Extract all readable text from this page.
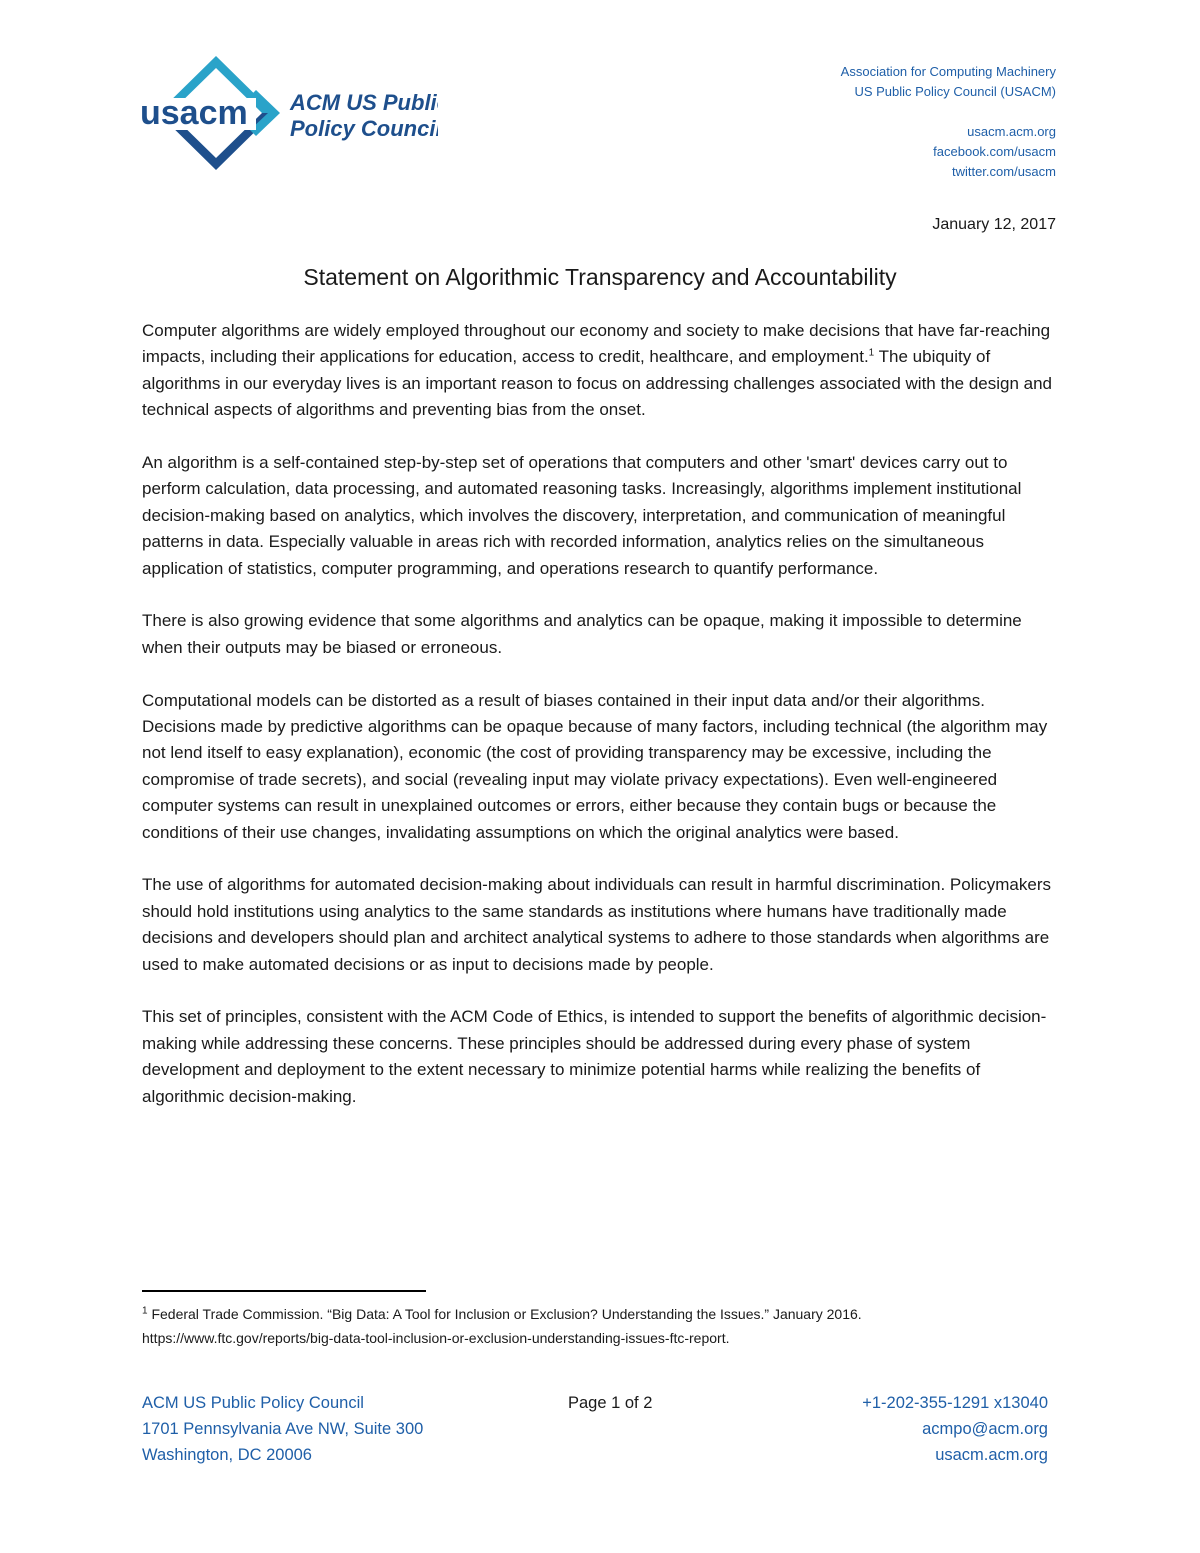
usacm ACM US Public
Policy Council
Association for Computing Machinery
US Public Policy Council (USACM)
usacm.acm.org
facebook.com/usacm
twitter.com/usacm
January 12, 2017
Statement on Algorithmic Transparency and Accountability

Computer algorithms are widely employed throughout our economy and society to make decisions that have far-reaching impacts, including their applications for education, access to credit, healthcare, and employment.$^1$ The ubiquity of algorithms in our everyday lives is an important reason to focus on addressing challenges associated with the design and technical aspects of algorithms and preventing bias from the onset.

An algorithm is a self-contained step-by-step set of operations that computers and other 'smart' devices carry out to perform calculation, data processing, and automated reasoning tasks. Increasingly, algorithms implement institutional decision-making based on analytics, which involves the discovery, interpretation, and communication of meaningful patterns in data. Especially valuable in areas rich with recorded information, analytics relies on the simultaneous application of statistics, computer programming, and operations research to quantify performance.

There is also growing evidence that some algorithms and analytics can be opaque, making it impossible to determine when their outputs may be biased or erroneous.

Computational models can be distorted as a result of biases contained in their input data and/or their algorithms. Decisions made by predictive algorithms can be opaque because of many factors, including technical (the algorithm may not lend itself to easy explanation), economic (the cost of providing transparency may be excessive, including the compromise of trade secrets), and social (revealing input may violate privacy expectations). Even well-engineered computer systems can result in unexplained outcomes or errors, either because they contain bugs or because the conditions of their use changes, invalidating assumptions on which the original analytics were based.

The use of algorithms for automated decision-making about individuals can result in harmful discrimination. Policymakers should hold institutions using analytics to the same standards as institutions where humans have traditionally made decisions and developers should plan and architect analytical systems to adhere to those standards when algorithms are used to make automated decisions or as input to decisions made by people.

This set of principles, consistent with the ACM Code of Ethics, is intended to support the benefits of algorithmic decision-making while addressing these concerns. These principles should be addressed during every phase of system development and deployment to the extent necessary to minimize potential harms while realizing the benefits of algorithmic decision-making.

$^1$ Federal Trade Commission. “Big Data: A Tool for Inclusion or Exclusion? Understanding the Issues.” January 2016.
https://www.ftc.gov/reports/big-data-tool-inclusion-or-exclusion-understanding-issues-ftc-report.
ACM US Public Policy Council
1701 Pennsylvania Ave NW, Suite 300
Washington, DC 20006
Page 1 of 2	+1-202-355-1291 x13040
acmpo@acm.org
usacm.acm.org
